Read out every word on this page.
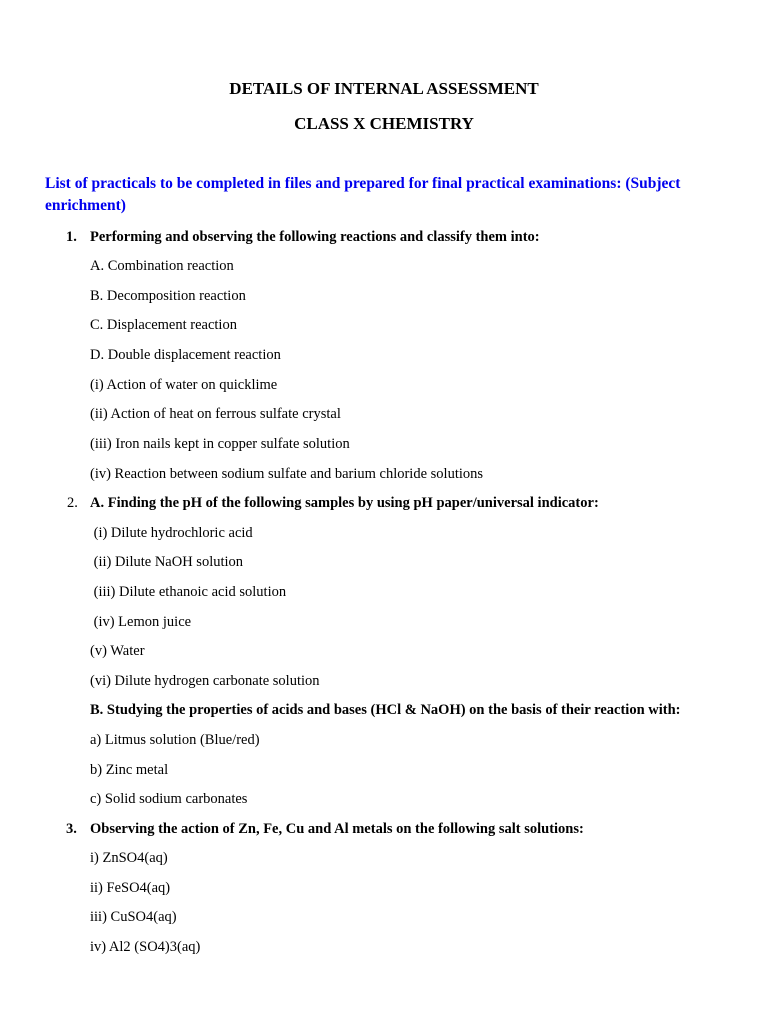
DETAILS OF INTERNAL ASSESSMENT

CLASS X CHEMISTRY

List of practicals to be completed in files and prepared for final practical examinations: (Subject enrichment)

1. Performing and observing the following reactions and classify them into:

A. Combination reaction

B. Decomposition reaction

C. Displacement reaction

D. Double displacement reaction

(i) Action of water on quicklime

(ii) Action of heat on ferrous sulfate crystal

(iii) Iron nails kept in copper sulfate solution

(iv) Reaction between sodium sulfate and barium chloride solutions

2. A. Finding the pH of the following samples by using pH paper/universal indicator:

(i) Dilute hydrochloric acid

(ii) Dilute NaOH solution

(iii) Dilute ethanoic acid solution

(iv) Lemon juice

(v) Water

(vi) Dilute hydrogen carbonate solution

B. Studying the properties of acids and bases (HCl & NaOH) on the basis of their reaction with:

a) Litmus solution (Blue/red)

b) Zinc metal

c) Solid sodium carbonates

3. Observing the action of Zn, Fe, Cu and Al metals on the following salt solutions:

i) ZnSO4(aq)

ii) FeSO4(aq)

iii) CuSO4(aq)

iv) Al2 (SO4)3(aq)
